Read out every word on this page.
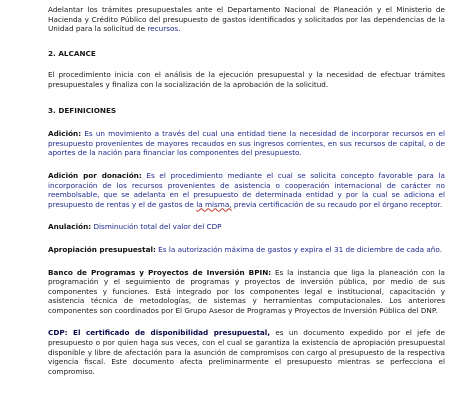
Adelantar los trámites presupuestales ante el Departamento Nacional de Planeación y el Ministerio de Hacienda y Crédito Público del presupuesto de gastos identificados y solicitados por las dependencias de la Unidad para la solicitud de recursos.

2. ALCANCE

El procedimiento inicia con el análisis de la ejecución presupuestal y la necesidad de efectuar trámites presupuestales y finaliza con la socialización de la aprobación de la solicitud.

3. DEFINICIONES

Adición: Es un movimiento a través del cual una entidad tiene la necesidad de incorporar recursos en el presupuesto provenientes de mayores recaudos en sus ingresos corrientes, en sus recursos de capital, o de aportes de la nación para financiar los componentes del presupuesto.

Adición por donación: Es el procedimiento mediante el cual se solicita concepto favorable para la incorporación de los recursos provenientes de asistencia o cooperación internacional de carácter no reembolsable, que se adelanta en el presupuesto de determinada entidad y por la cual se adiciona el presupuesto de rentas y el de gastos de la misma, previa certificación de su recaudo por el órgano receptor.

Anulación: Disminución total del valor del CDP

Apropiación presupuestal: Es la autorización máxima de gastos y expira el 31 de diciembre de cada año.

Banco de Programas y Proyectos de Inversión BPIN: Es la instancia que liga la planeación con la programación y el seguimiento de programas y proyectos de inversión pública, por medio de sus componentes y funciones. Está integrado por los componentes legal e institucional, capacitación y asistencia técnica de metodologías, de sistemas y herramientas computacionales. Los anteriores componentes son coordinados por El Grupo Asesor de Programas y Proyectos de Inversión Pública del DNP.

CDP: El certificado de disponibilidad presupuestal, es un documento expedido por el jefe de presupuesto o por quien haga sus veces, con el cual se garantiza la existencia de apropiación presupuestal disponible y libre de afectación para la asunción de compromisos con cargo al presupuesto de la respectiva vigencia fiscal. Este documento afecta preliminarmente el presupuesto mientras se perfecciona el compromiso.
